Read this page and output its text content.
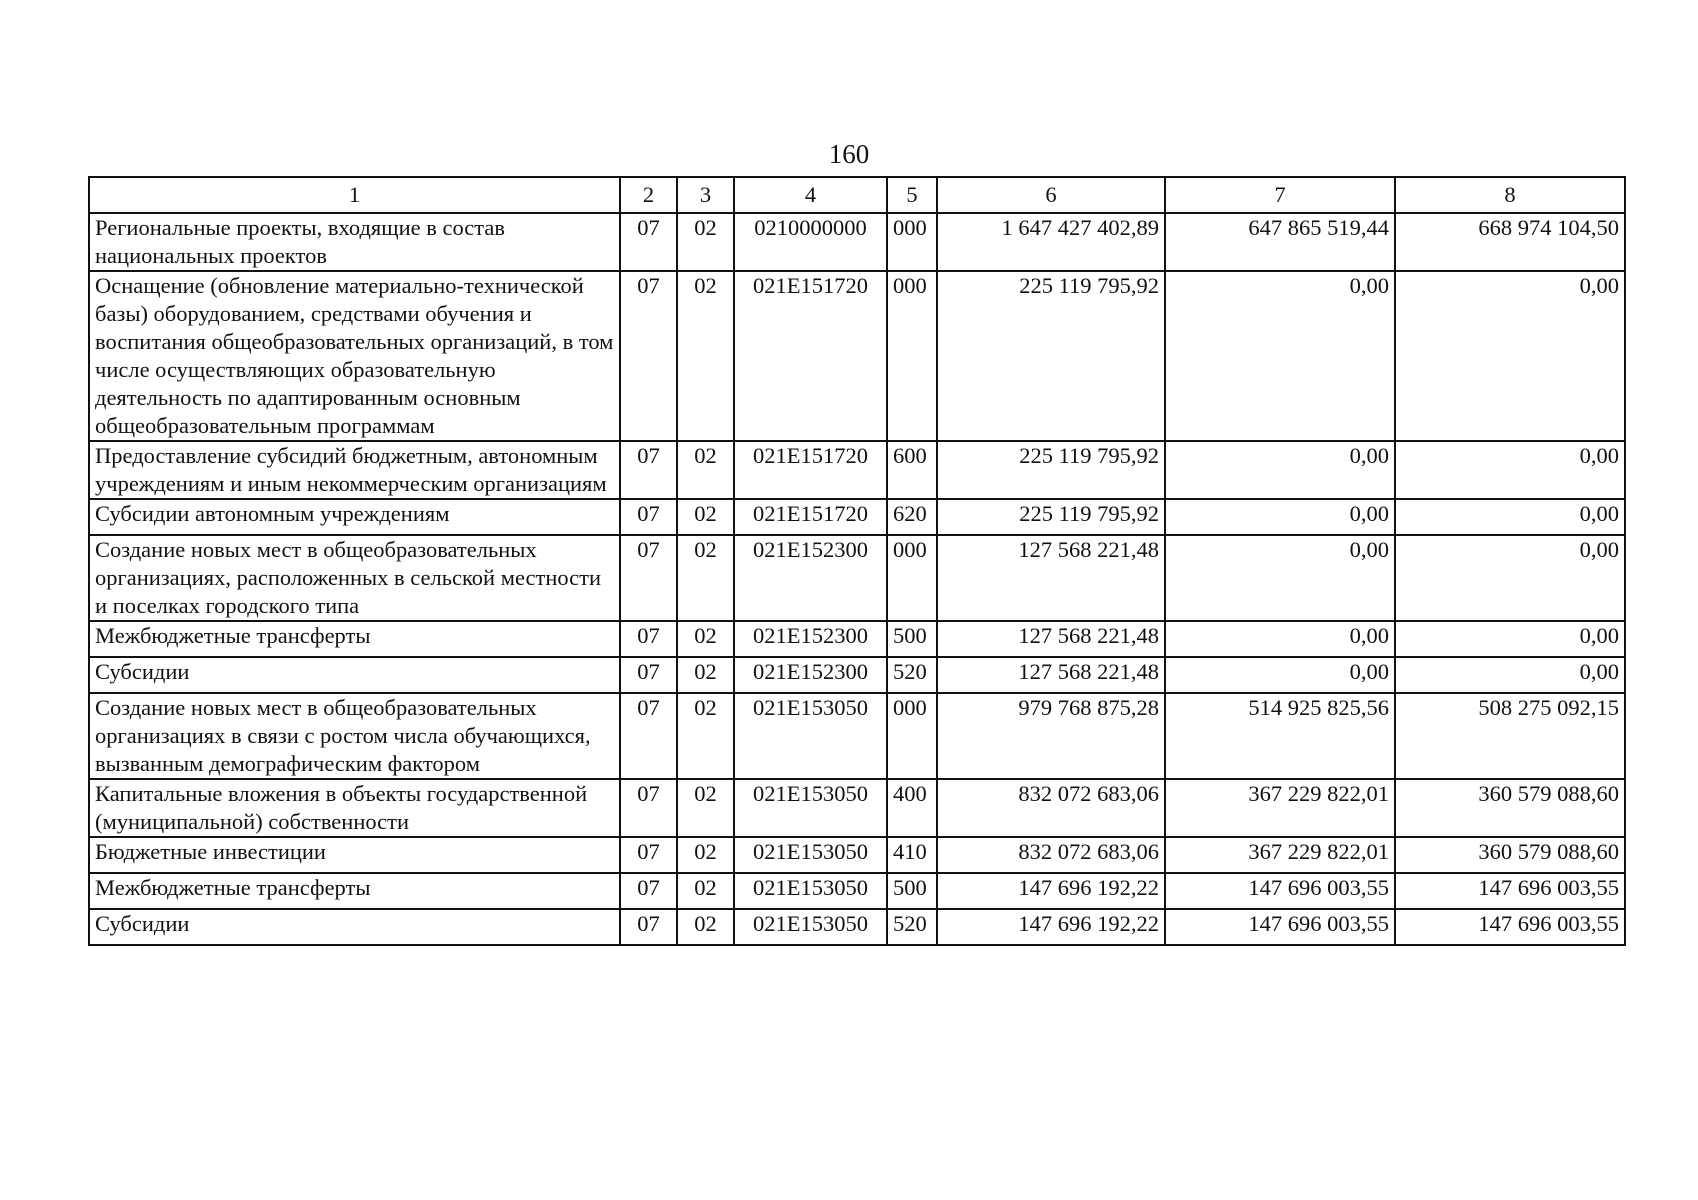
160
1	2	3	4	5	6	7	8
Региональные проекты, входящие в состав национальных проектов	07	02	0210000000	000	1 647 427 402,89	647 865 519,44	668 974 104,50
Оснащение (обновление материально-технической базы) оборудованием, средствами обучения и воспитания общеобразовательных организаций, в том числе осуществляющих образовательную деятельность по адаптированным основным общеобразовательным программам	07	02	021E151720	000	225 119 795,92	0,00	0,00
Предоставление субсидий бюджетным, автономным учреждениям и иным некоммерческим организациям	07	02	021E151720	600	225 119 795,92	0,00	0,00
Субсидии автономным учреждениям	07	02	021E151720	620	225 119 795,92	0,00	0,00
Создание новых мест в общеобразовательных организациях, расположенных в сельской местности и поселках городского типа	07	02	021E152300	000	127 568 221,48	0,00	0,00
Межбюджетные трансферты	07	02	021E152300	500	127 568 221,48	0,00	0,00
Субсидии	07	02	021E152300	520	127 568 221,48	0,00	0,00
Создание новых мест в общеобразовательных организациях в связи с ростом числа обучающихся, вызванным демографическим фактором	07	02	021E153050	000	979 768 875,28	514 925 825,56	508 275 092,15
Капитальные вложения в объекты государственной (муниципальной) собственности	07	02	021E153050	400	832 072 683,06	367 229 822,01	360 579 088,60
Бюджетные инвестиции	07	02	021E153050	410	832 072 683,06	367 229 822,01	360 579 088,60
Межбюджетные трансферты	07	02	021E153050	500	147 696 192,22	147 696 003,55	147 696 003,55
Субсидии	07	02	021E153050	520	147 696 192,22	147 696 003,55	147 696 003,55
